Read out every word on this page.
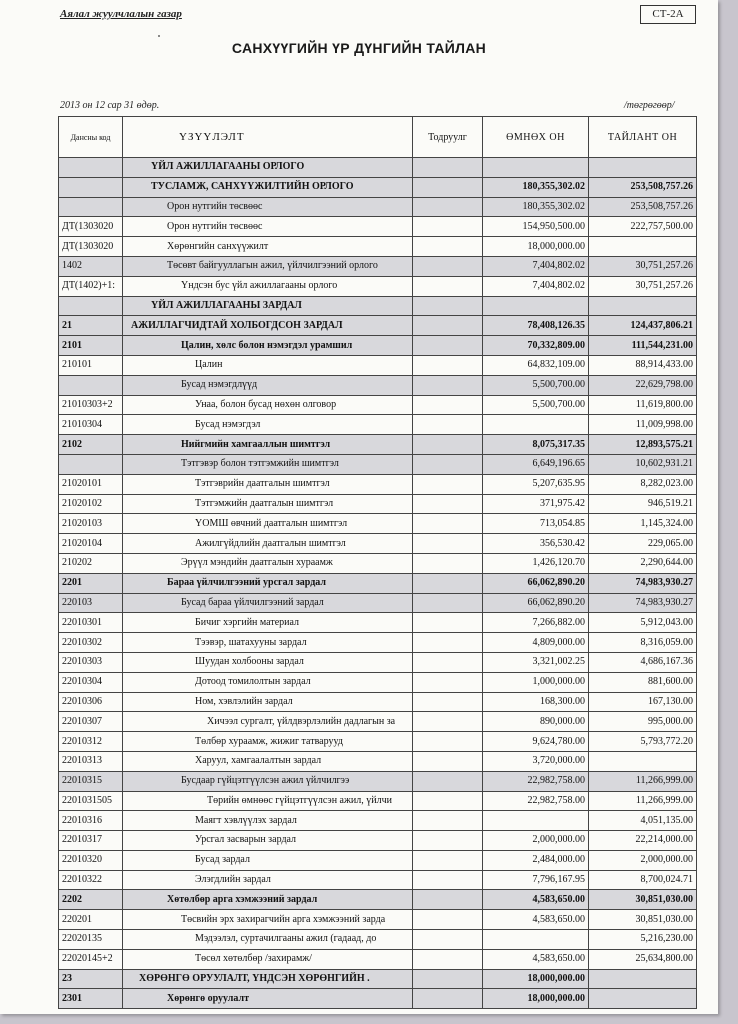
Аялал жуулчлалын газар	СТ-2А
САНХҮҮГИЙН ҮР ДҮНГИЙН ТАЙЛАН
2013 он 12 сар 31 өдөр.	/төгрөгөөр/
Дансны код	ҮЗҮҮЛЭЛТ	Тодруулг	ӨМНӨХ ОН	ТАЙЛАНТ ОН
	ҮЙЛ АЖИЛЛАГААНЫ ОРЛОГО			
	ТУСЛАМЖ, САНХҮҮЖИЛТИЙН ОРЛОГО		180,355,302.02	253,508,757.26
	Орон нутгийн төсвөөс		180,355,302.02	253,508,757.26
ДТ(1303020	Орон нутгийн төсвөөс		154,950,500.00	222,757,500.00
ДТ(1303020	Хөрөнгийн санхүүжилт		18,000,000.00	
1402	Төсөвт байгууллагын ажил, үйлчилгээний орлого		7,404,802.02	30,751,257.26
ДТ(1402)+1:	Үндсэн бус үйл ажиллагааны орлого		7,404,802.02	30,751,257.26
	ҮЙЛ АЖИЛЛАГААНЫ ЗАРДАЛ			
21	АЖИЛЛАГЧИДТАЙ ХОЛБОГДСОН ЗАРДАЛ		78,408,126.35	124,437,806.21
2101	Цалин, хөлс болон нэмэгдэл урамшил		70,332,809.00	111,544,231.00
210101	Цалин		64,832,109.00	88,914,433.00
	Бусад нэмэгдлүүд		5,500,700.00	22,629,798.00
21010303+2	Унаа, болон бусад нөхөн олговор		5,500,700.00	11,619,800.00
21010304	Бусад нэмэгдэл			11,009,998.00
2102	Нийгмийн хамгааллын шимтгэл		8,075,317.35	12,893,575.21
	Тэтгэвэр болон тэтгэмжийн шимтгэл		6,649,196.65	10,602,931.21
21020101	Тэтгэврийн даатгалын шимтгэл		5,207,635.95	8,282,023.00
21020102	Тэтгэмжийн даатгалын шимтгэл		371,975.42	946,519.21
21020103	ҮОМШ өвчний даатгалын шимтгэл		713,054.85	1,145,324.00
21020104	Ажилгүйдлийн даатгалын шимтгэл		356,530.42	229,065.00
210202	Эрүүл мэндийн даатгалын хураамж		1,426,120.70	2,290,644.00
2201	Бараа үйлчилгээний урсгал зардал		66,062,890.20	74,983,930.27
220103	Бусад бараа үйлчилгээний зардал		66,062,890.20	74,983,930.27
22010301	Бичиг хэргийн материал		7,266,882.00	5,912,043.00
22010302	Тээвэр, шатахууны зардал		4,809,000.00	8,316,059.00
22010303	Шуудан холбооны зардал		3,321,002.25	4,686,167.36
22010304	Дотоод томилолтын зардал		1,000,000.00	881,600.00
22010306	Ном, хэвлэлийн зардал		168,300.00	167,130.00
22010307	Хичээл сургалт, үйлдвэрлэлийн дадлагын за		890,000.00	995,000.00
22010312	Төлбөр хураамж, жижиг татварууд		9,624,780.00	5,793,772.20
22010313	Харуул, хамгаалалтын зардал		3,720,000.00	
22010315	Бусдаар гүйцэтгүүлсэн ажил үйлчилгээ		22,982,758.00	11,266,999.00
2201031505	Төрийн өмнөөс гүйцэтгүүлсэн ажил, үйлчи		22,982,758.00	11,266,999.00
22010316	Маягт хэвлүүлэх зардал			4,051,135.00
22010317	Урсгал засварын зардал		2,000,000.00	22,214,000.00
22010320	Бусад зардал		2,484,000.00	2,000,000.00
22010322	Элэгдлийн зардал		7,796,167.95	8,700,024.71
2202	Хөтөлбөр арга хэмжээний зардал		4,583,650.00	30,851,030.00
220201	Төсвийн эрх захирагчийн арга хэмжээний зарда		4,583,650.00	30,851,030.00
22020135	Мэдээлэл, суртачилгааны ажил (гадаад, до			5,216,230.00
22020145+2	Төсөл хөтөлбөр /захирамж/		4,583,650.00	25,634,800.00
23	ХӨРӨНГӨ ОРУУЛАЛТ, ҮНДСЭН ХӨРӨНГИЙН .		18,000,000.00	
2301	Хөрөнгө оруулалт		18,000,000.00	
